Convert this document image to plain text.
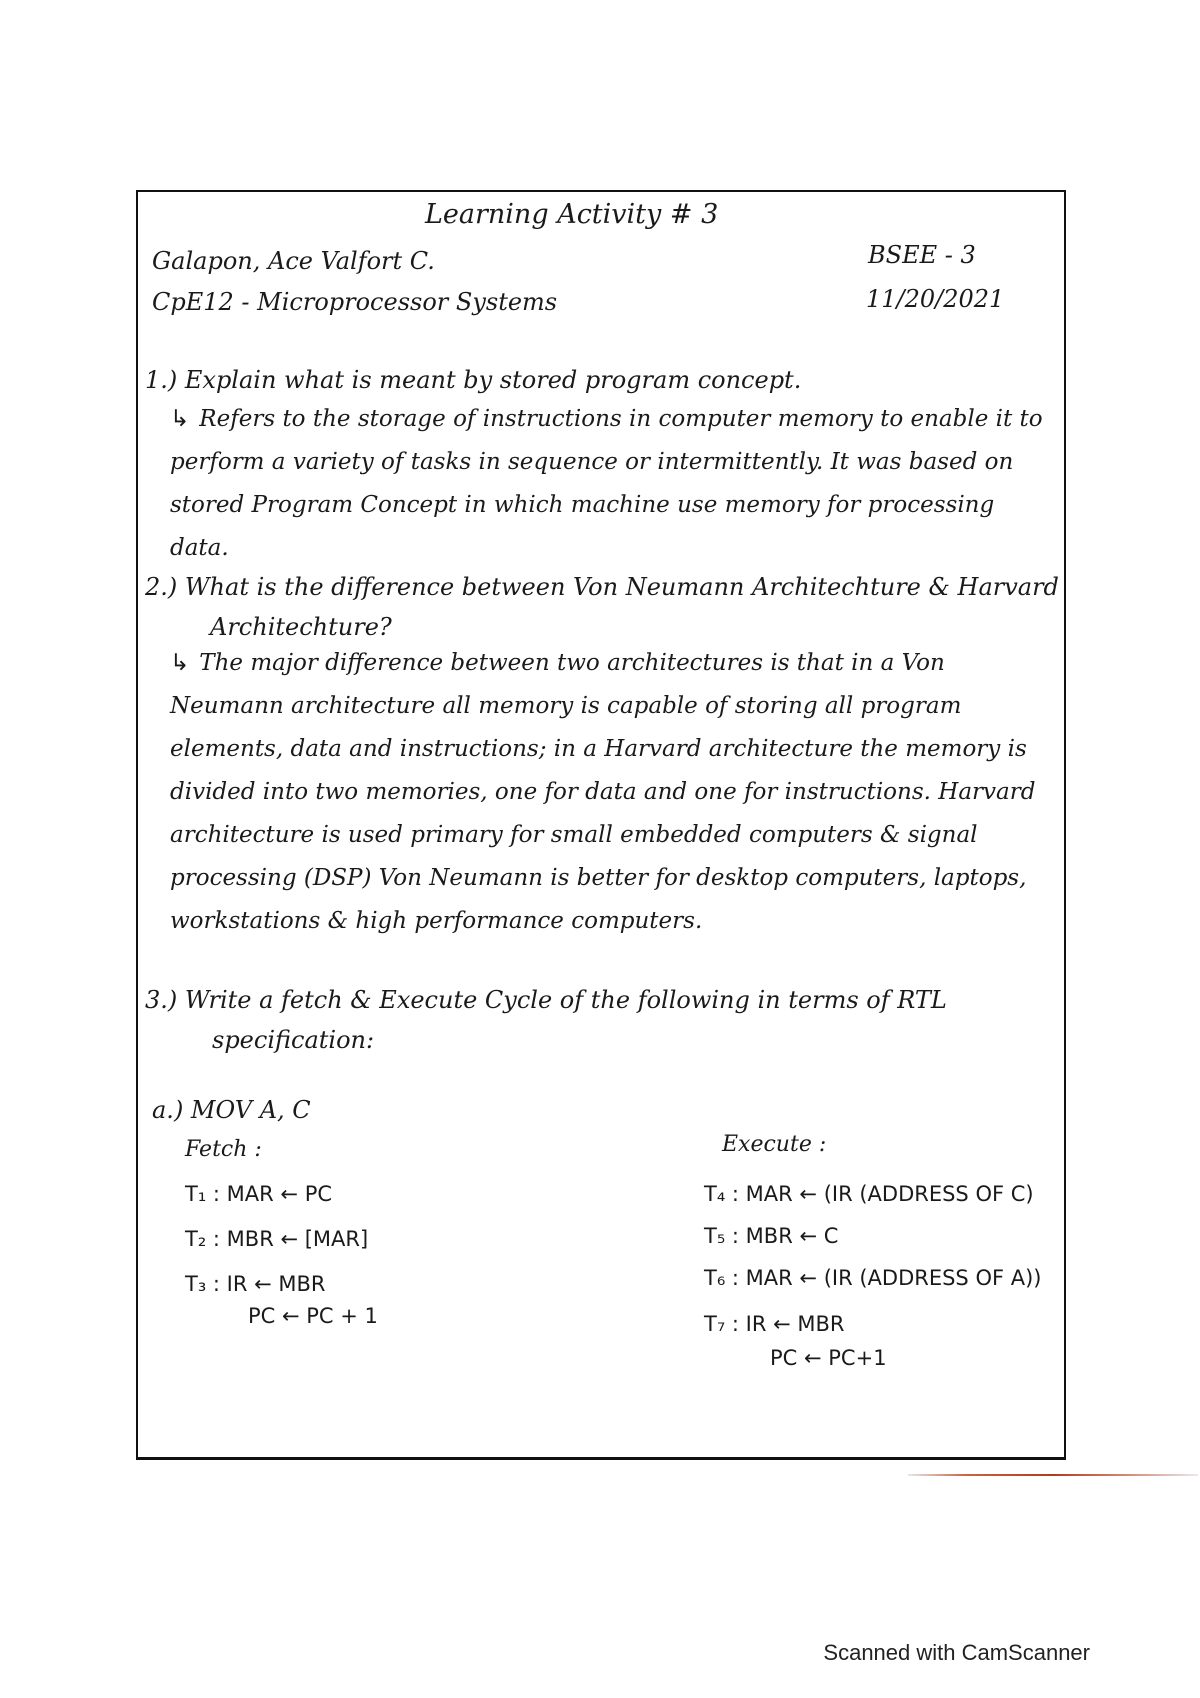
Learning Activity # 3
Galapon, Ace Valfort C.
CpE12 - Microprocessor Systems
BSEE - 3
11/20/2021
1.) Explain what is meant by stored program concept.
↳ Refers to the storage of instructions in computer memory to enable it to perform a variety of tasks in sequence or intermittently. It was based on stored Program Concept in which machine use memory for processing data.
2.) What is the difference between Von Neumann Architechture & Harvard
Architechture?
↳ The major difference between two architectures is that in a Von Neumann architecture all memory is capable of storing all program elements, data and instructions; in a Harvard architecture the memory is divided into two memories, one for data and one for instructions. Harvard architecture is used primary for small embedded computers & signal processing (DSP) Von Neumann is better for desktop computers, laptops, workstations & high performance computers.
3.) Write a fetch & Execute Cycle of the following in terms of RTL
specification:
a.) MOV A, C
Fetch :
T₁ : MAR ← PC
T₂ : MBR ← [MAR]
T₃ : IR ← MBR
PC ← PC + 1
Execute :
T₄ : MAR ← (IR (ADDRESS OF C)
T₅ : MBR ← C
T₆ : MAR ← (IR (ADDRESS OF A))
T₇ : IR ← MBR
PC ← PC+1
Scanned with CamScanner
